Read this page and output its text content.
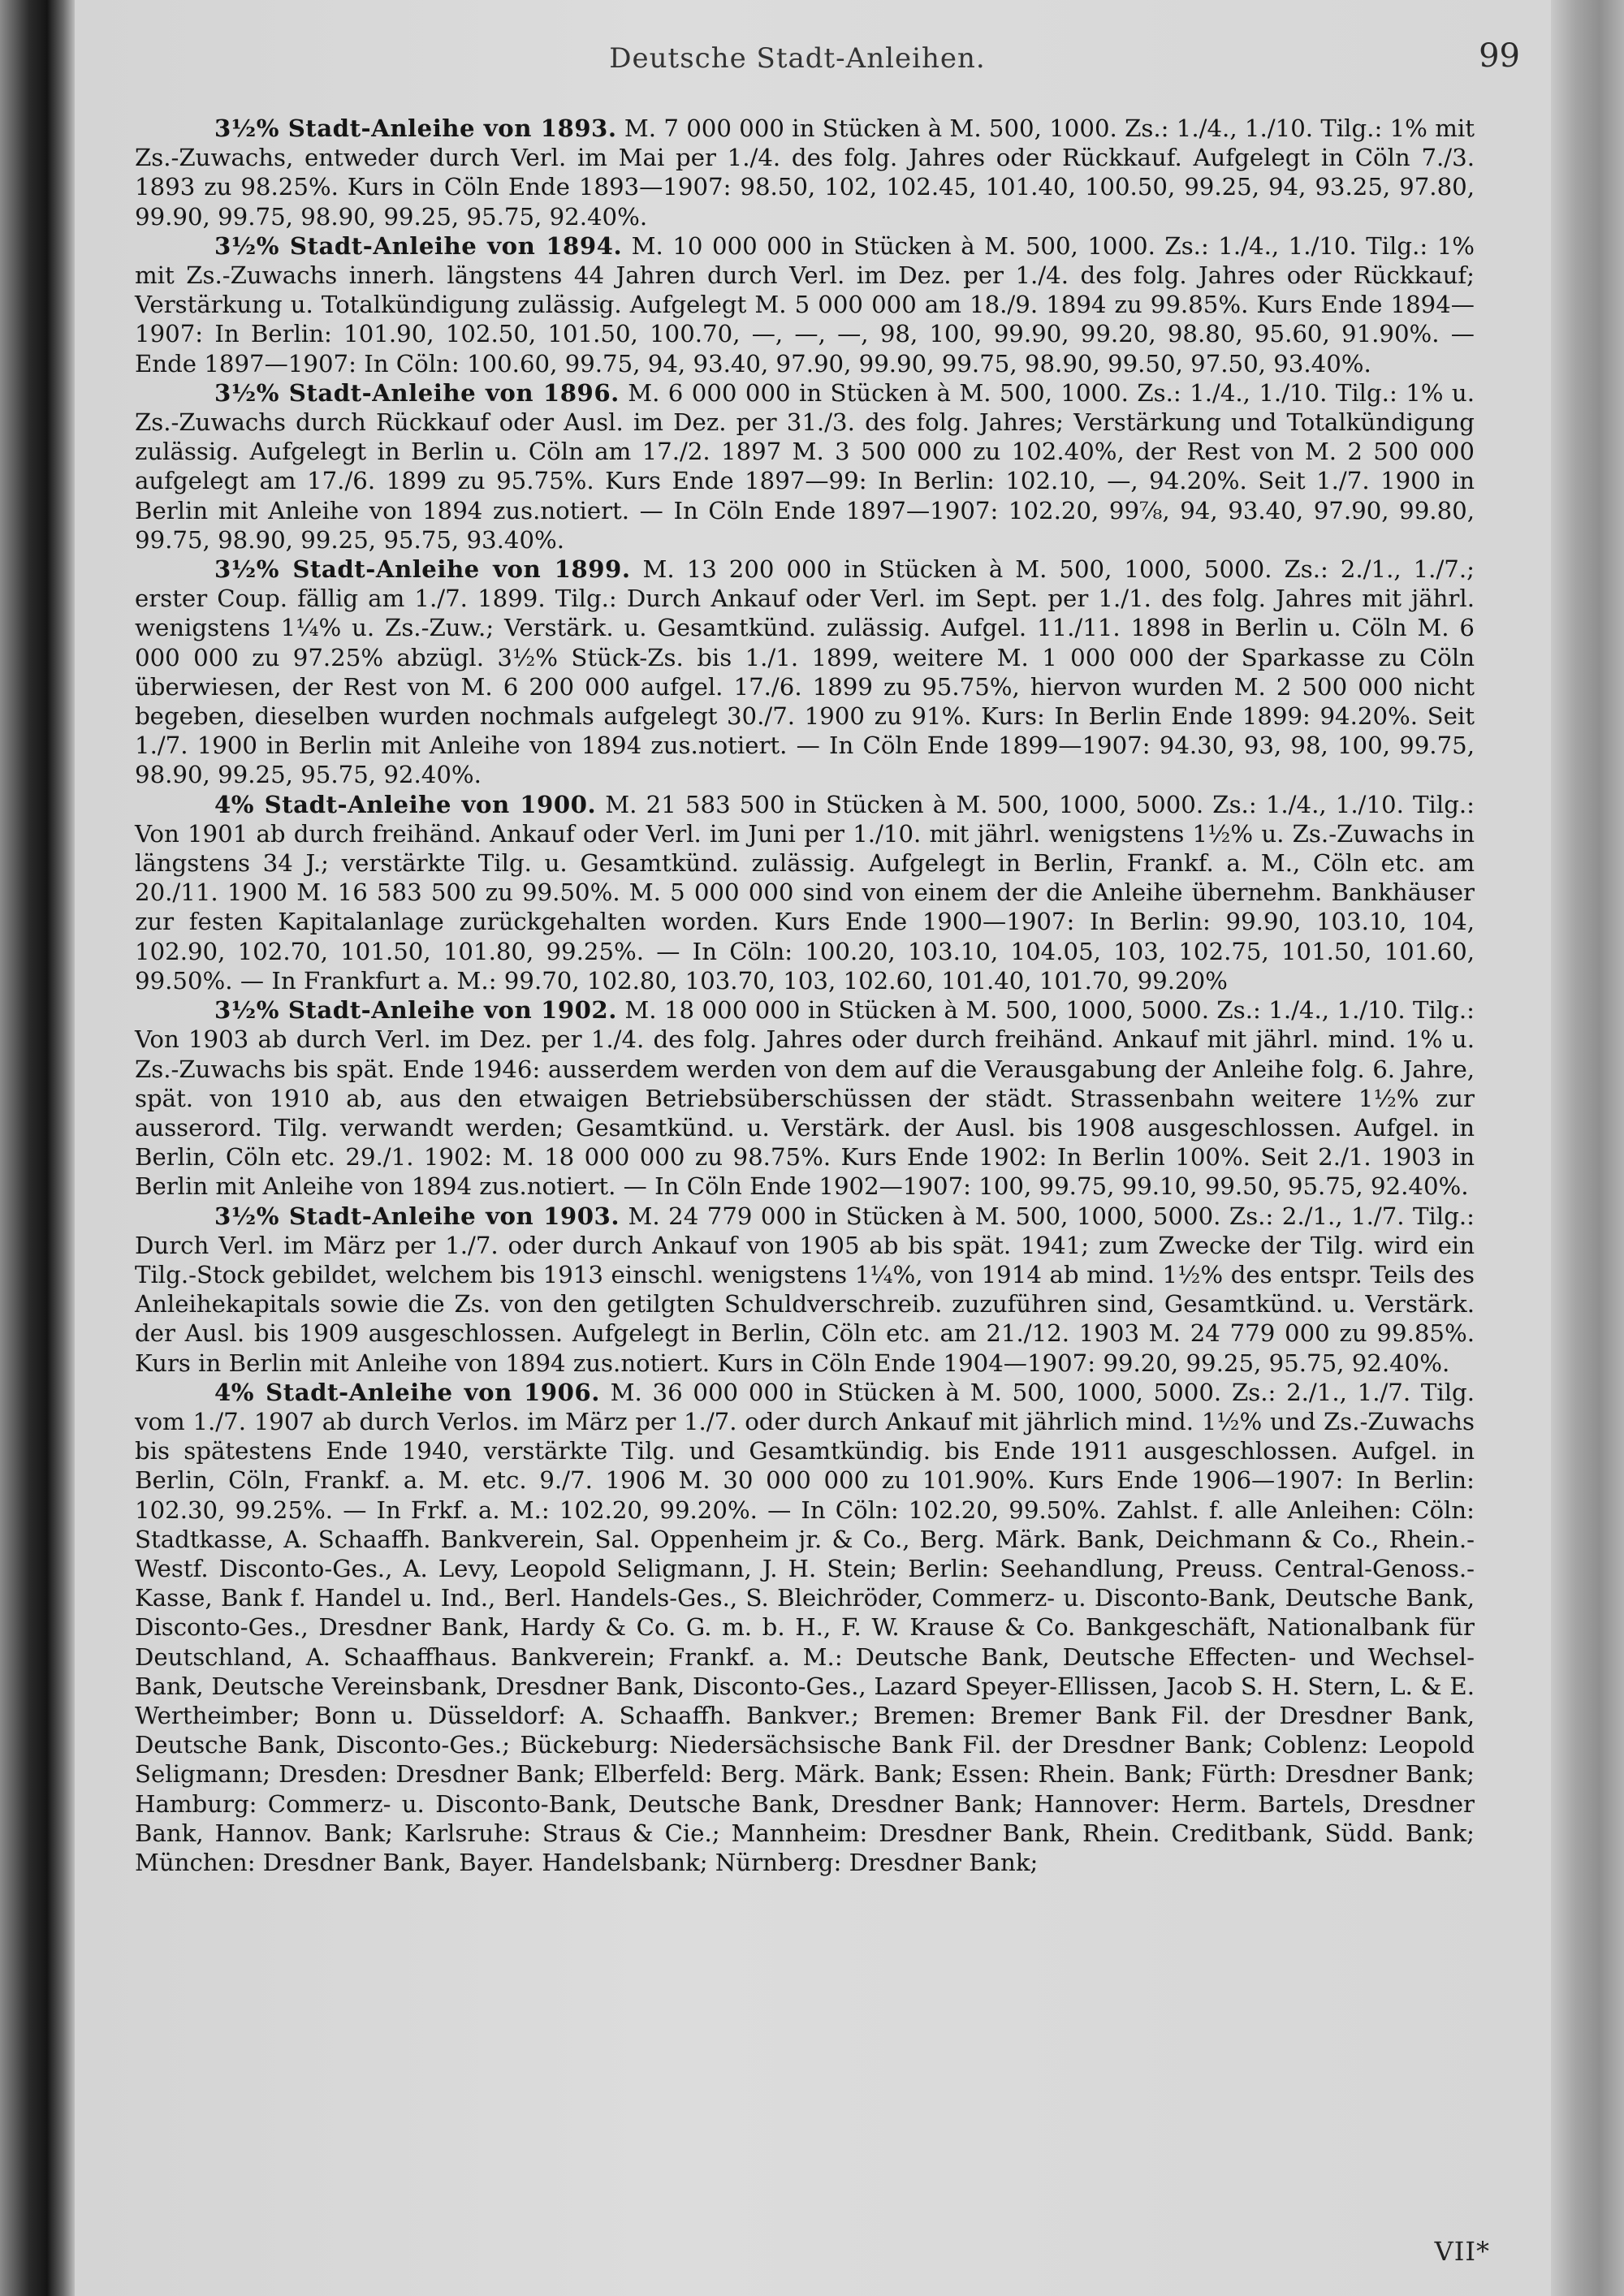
Deutsche Stadt-Anleihen.	99

3½% Stadt-Anleihe von 1893. M. 7 000 000 in Stücken à M. 500, 1000. Zs.: 1./4., 1./10. Tilg.: 1% mit Zs.-Zuwachs, entweder durch Verl. im Mai per 1./4. des folg. Jahres oder Rückkauf. Aufgelegt in Cöln 7./3. 1893 zu 98.25%. Kurs in Cöln Ende 1893—1907: 98.50, 102, 102.45, 101.40, 100.50, 99.25, 94, 93.25, 97.80, 99.90, 99.75, 98.90, 99.25, 95.75, 92.40%.

3½% Stadt-Anleihe von 1894. M. 10 000 000 in Stücken à M. 500, 1000. Zs.: 1./4., 1./10. Tilg.: 1% mit Zs.-Zuwachs innerh. längstens 44 Jahren durch Verl. im Dez. per 1./4. des folg. Jahres oder Rückkauf; Verstärkung u. Totalkündigung zulässig. Aufgelegt M. 5 000 000 am 18./9. 1894 zu 99.85%. Kurs Ende 1894—1907: In Berlin: 101.90, 102.50, 101.50, 100.70, —, —, —, 98, 100, 99.90, 99.20, 98.80, 95.60, 91.90%. — Ende 1897—1907: In Cöln: 100.60, 99.75, 94, 93.40, 97.90, 99.90, 99.75, 98.90, 99.50, 97.50, 93.40%.

3½% Stadt-Anleihe von 1896. M. 6 000 000 in Stücken à M. 500, 1000. Zs.: 1./4., 1./10. Tilg.: 1% u. Zs.-Zuwachs durch Rückkauf oder Ausl. im Dez. per 31./3. des folg. Jahres; Verstärkung und Totalkündigung zulässig. Aufgelegt in Berlin u. Cöln am 17./2. 1897 M. 3 500 000 zu 102.40%, der Rest von M. 2 500 000 aufgelegt am 17./6. 1899 zu 95.75%. Kurs Ende 1897—99: In Berlin: 102.10, —, 94.20%. Seit 1./7. 1900 in Berlin mit Anleihe von 1894 zus.notiert. — In Cöln Ende 1897—1907: 102.20, 99⅞, 94, 93.40, 97.90, 99.80, 99.75, 98.90, 99.25, 95.75, 93.40%.

3½% Stadt-Anleihe von 1899. M. 13 200 000 in Stücken à M. 500, 1000, 5000. Zs.: 2./1., 1./7.; erster Coup. fällig am 1./7. 1899. Tilg.: Durch Ankauf oder Verl. im Sept. per 1./1. des folg. Jahres mit jährl. wenigstens 1¼% u. Zs.-Zuw.; Verstärk. u. Gesamtkünd. zulässig. Aufgel. 11./11. 1898 in Berlin u. Cöln M. 6 000 000 zu 97.25% abzügl. 3½% Stück-Zs. bis 1./1. 1899, weitere M. 1 000 000 der Sparkasse zu Cöln überwiesen, der Rest von M. 6 200 000 aufgel. 17./6. 1899 zu 95.75%, hiervon wurden M. 2 500 000 nicht begeben, dieselben wurden nochmals aufgelegt 30./7. 1900 zu 91%. Kurs: In Berlin Ende 1899: 94.20%. Seit 1./7. 1900 in Berlin mit Anleihe von 1894 zus.notiert. — In Cöln Ende 1899—1907: 94.30, 93, 98, 100, 99.75, 98.90, 99.25, 95.75, 92.40%.

4% Stadt-Anleihe von 1900. M. 21 583 500 in Stücken à M. 500, 1000, 5000. Zs.: 1./4., 1./10. Tilg.: Von 1901 ab durch freihänd. Ankauf oder Verl. im Juni per 1./10. mit jährl. wenigstens 1½% u. Zs.-Zuwachs in längstens 34 J.; verstärkte Tilg. u. Gesamtkünd. zulässig. Aufgelegt in Berlin, Frankf. a. M., Cöln etc. am 20./11. 1900 M. 16 583 500 zu 99.50%. M. 5 000 000 sind von einem der die Anleihe übernehm. Bankhäuser zur festen Kapitalanlage zurückgehalten worden. Kurs Ende 1900—1907: In Berlin: 99.90, 103.10, 104, 102.90, 102.70, 101.50, 101.80, 99.25%. — In Cöln: 100.20, 103.10, 104.05, 103, 102.75, 101.50, 101.60, 99.50%. — In Frankfurt a. M.: 99.70, 102.80, 103.70, 103, 102.60, 101.40, 101.70, 99.20%

3½% Stadt-Anleihe von 1902. M. 18 000 000 in Stücken à M. 500, 1000, 5000. Zs.: 1./4., 1./10. Tilg.: Von 1903 ab durch Verl. im Dez. per 1./4. des folg. Jahres oder durch freihänd. Ankauf mit jährl. mind. 1% u. Zs.-Zuwachs bis spät. Ende 1946: ausserdem werden von dem auf die Verausgabung der Anleihe folg. 6. Jahre, spät. von 1910 ab, aus den etwaigen Betriebsüberschüssen der städt. Strassenbahn weitere 1½% zur ausserord. Tilg. verwandt werden; Gesamtkünd. u. Verstärk. der Ausl. bis 1908 ausgeschlossen. Aufgel. in Berlin, Cöln etc. 29./1. 1902: M. 18 000 000 zu 98.75%. Kurs Ende 1902: In Berlin 100%. Seit 2./1. 1903 in Berlin mit Anleihe von 1894 zus.notiert. — In Cöln Ende 1902—1907: 100, 99.75, 99.10, 99.50, 95.75, 92.40%.

3½% Stadt-Anleihe von 1903. M. 24 779 000 in Stücken à M. 500, 1000, 5000. Zs.: 2./1., 1./7. Tilg.: Durch Verl. im März per 1./7. oder durch Ankauf von 1905 ab bis spät. 1941; zum Zwecke der Tilg. wird ein Tilg.-Stock gebildet, welchem bis 1913 einschl. wenigstens 1¼%, von 1914 ab mind. 1½% des entspr. Teils des Anleihekapitals sowie die Zs. von den getilgten Schuldverschreib. zuzuführen sind, Gesamtkünd. u. Verstärk. der Ausl. bis 1909 ausgeschlossen. Aufgelegt in Berlin, Cöln etc. am 21./12. 1903 M. 24 779 000 zu 99.85%. Kurs in Berlin mit Anleihe von 1894 zus.notiert. Kurs in Cöln Ende 1904—1907: 99.20, 99.25, 95.75, 92.40%.

4% Stadt-Anleihe von 1906. M. 36 000 000 in Stücken à M. 500, 1000, 5000. Zs.: 2./1., 1./7. Tilg. vom 1./7. 1907 ab durch Verlos. im März per 1./7. oder durch Ankauf mit jährlich mind. 1½% und Zs.-Zuwachs bis spätestens Ende 1940, verstärkte Tilg. und Gesamtkündig. bis Ende 1911 ausgeschlossen. Aufgel. in Berlin, Cöln, Frankf. a. M. etc. 9./7. 1906 M. 30 000 000 zu 101.90%. Kurs Ende 1906—1907: In Berlin: 102.30, 99.25%. — In Frkf. a. M.: 102.20, 99.20%. — In Cöln: 102.20, 99.50%. Zahlst. f. alle Anleihen: Cöln: Stadtkasse, A. Schaaffh. Bankverein, Sal. Oppenheim jr. & Co., Berg. Märk. Bank, Deichmann & Co., Rhein.-Westf. Disconto-Ges., A. Levy, Leopold Seligmann, J. H. Stein; Berlin: Seehandlung, Preuss. Central-Genoss.-Kasse, Bank f. Handel u. Ind., Berl. Handels-Ges., S. Bleichröder, Commerz- u. Disconto-Bank, Deutsche Bank, Disconto-Ges., Dresdner Bank, Hardy & Co. G. m. b. H., F. W. Krause & Co. Bankgeschäft, Nationalbank für Deutschland, A. Schaaffhaus. Bankverein; Frankf. a. M.: Deutsche Bank, Deutsche Effecten- und Wechsel-Bank, Deutsche Vereinsbank, Dresdner Bank, Disconto-Ges., Lazard Speyer-Ellissen, Jacob S. H. Stern, L. & E. Wertheimber; Bonn u. Düsseldorf: A. Schaaffh. Bankver.; Bremen: Bremer Bank Fil. der Dresdner Bank, Deutsche Bank, Disconto-Ges.; Bückeburg: Niedersächsische Bank Fil. der Dresdner Bank; Coblenz: Leopold Seligmann; Dresden: Dresdner Bank; Elberfeld: Berg. Märk. Bank; Essen: Rhein. Bank; Fürth: Dresdner Bank; Hamburg: Commerz- u. Disconto-Bank, Deutsche Bank, Dresdner Bank; Hannover: Herm. Bartels, Dresdner Bank, Hannov. Bank; Karlsruhe: Straus & Cie.; Mannheim: Dresdner Bank, Rhein. Creditbank, Südd. Bank; München: Dresdner Bank, Bayer. Handelsbank; Nürnberg: Dresdner Bank;

VII*
